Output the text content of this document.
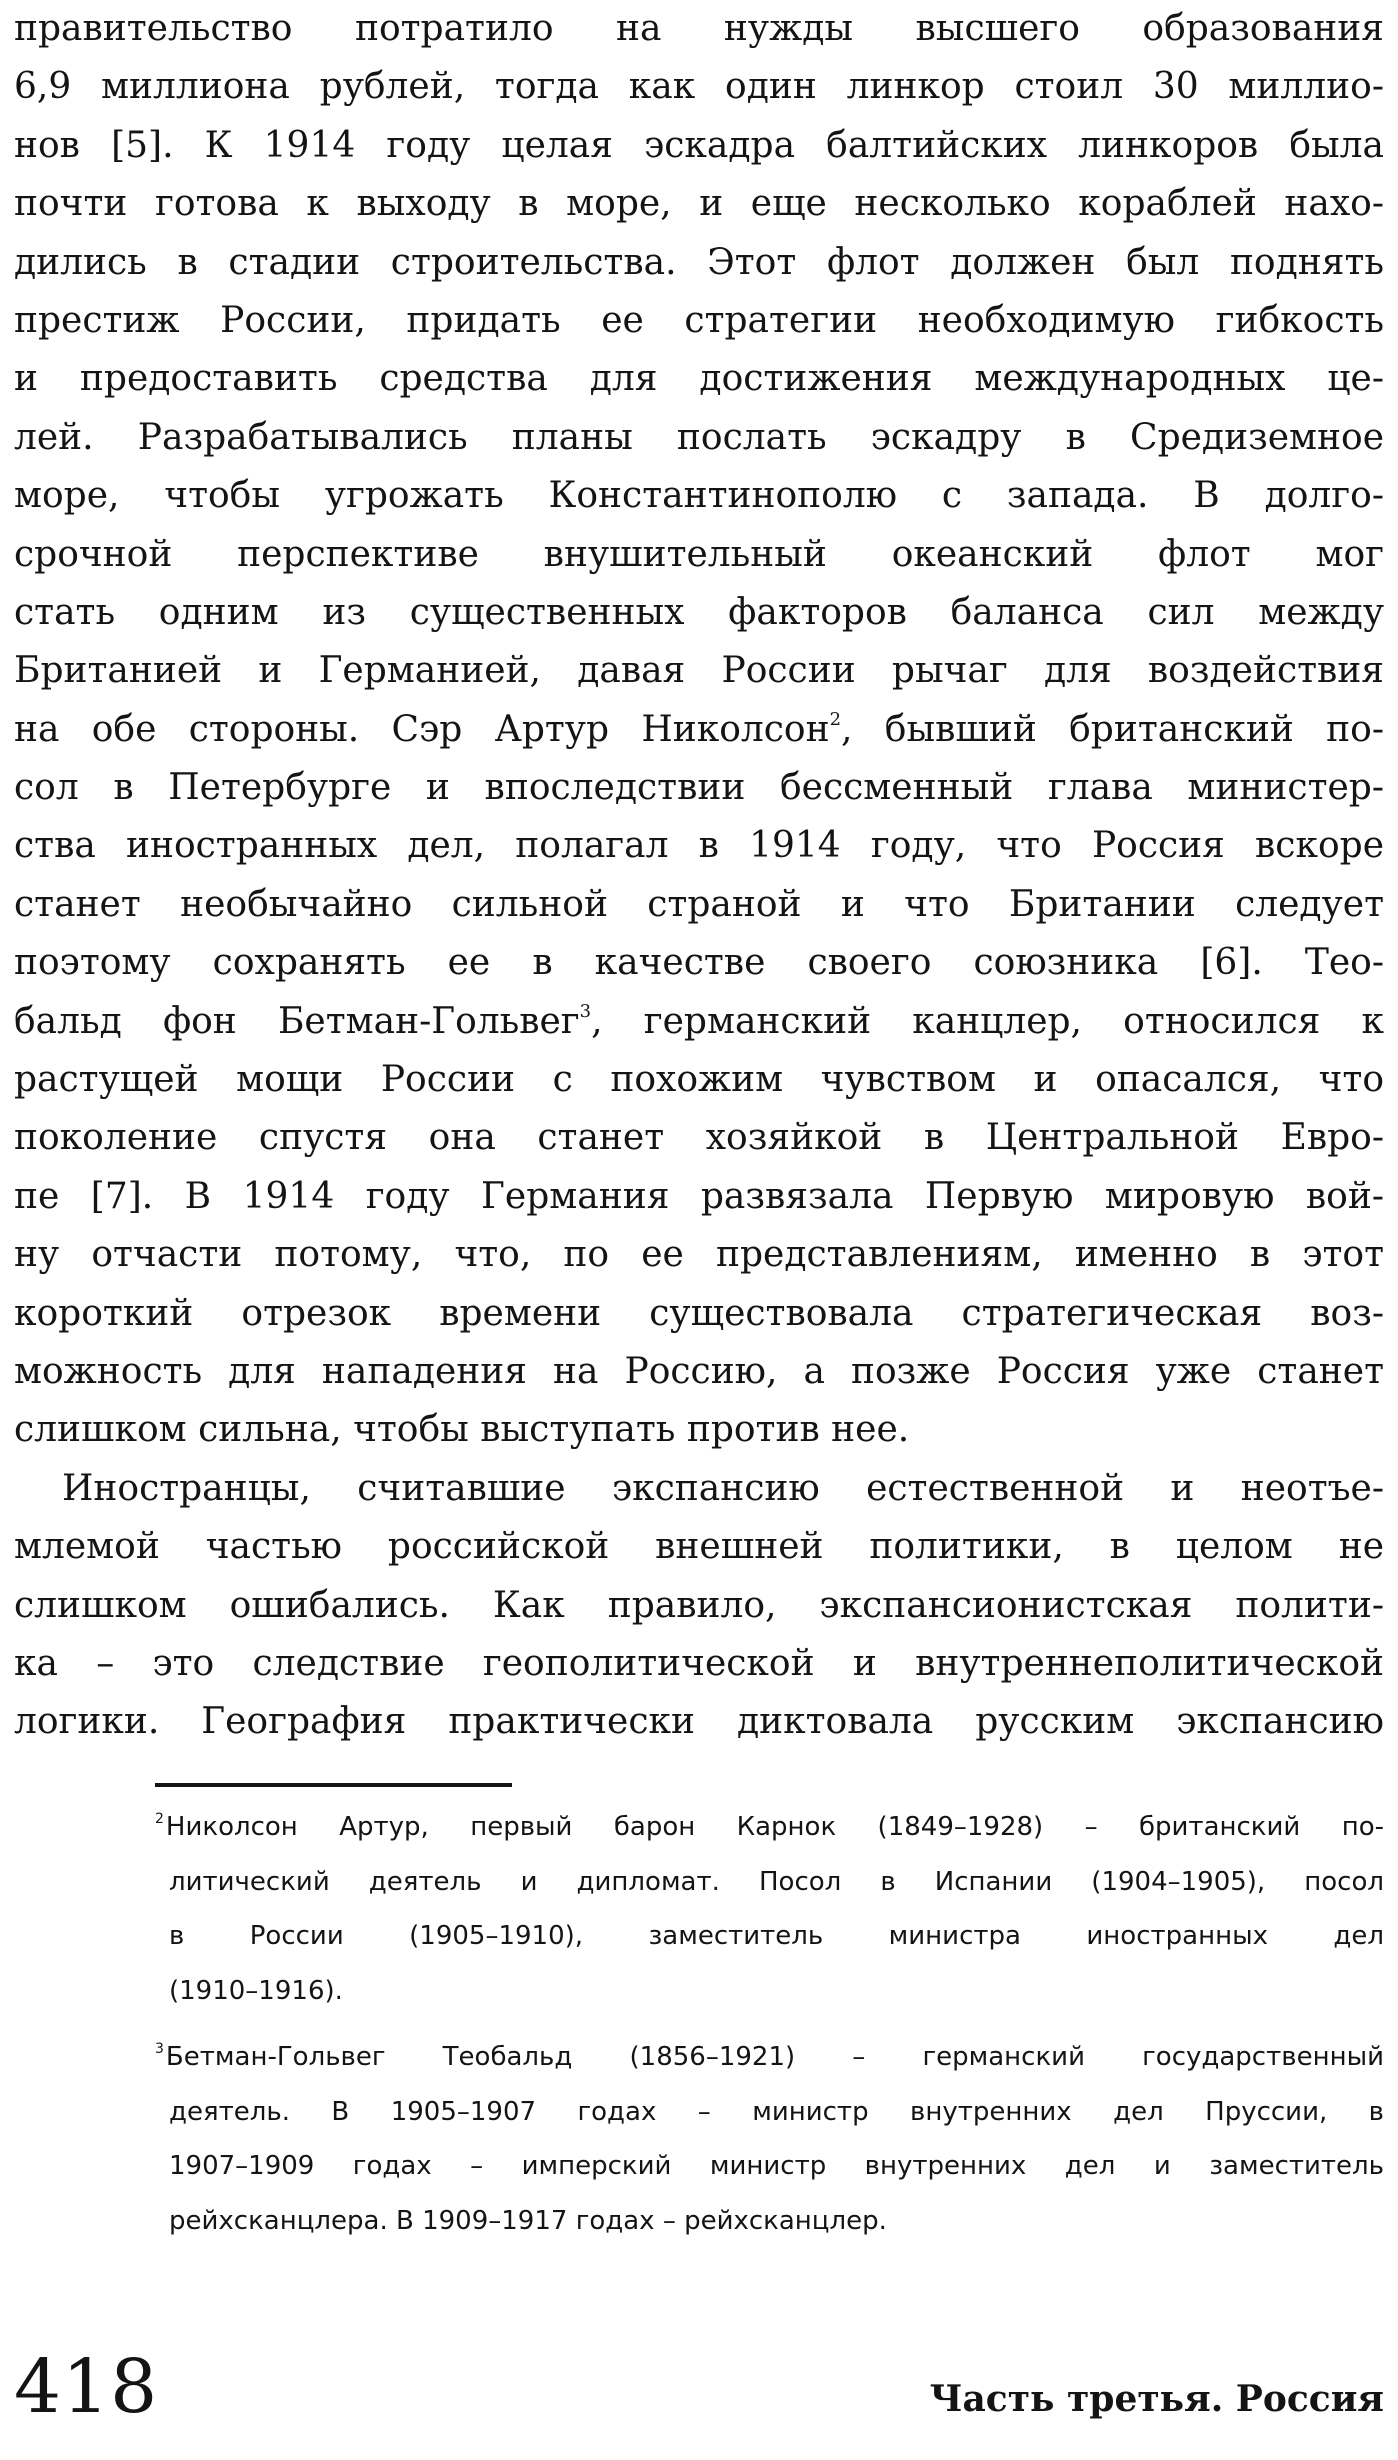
правительство потратило на нужды высшего образования
6,9 миллиона рублей, тогда как один линкор стоил 30 миллио-
нов [5]. К 1914 году целая эскадра балтийских линкоров была
почти готова к выходу в море, и еще несколько кораблей нахо-
дились в стадии строительства. Этот флот должен был поднять
престиж России, придать ее стратегии необходимую гибкость
и предоставить средства для достижения международных це-
лей. Разрабатывались планы послать эскадру в Средиземное
море, чтобы угрожать Константинополю с запада. В долго-
срочной перспективе внушительный океанский флот мог
стать одним из существенных факторов баланса сил между
Британией и Германией, давая России рычаг для воздействия
на обе стороны. Сэр Артур Николсон$^2$, бывший британский по-
сол в Петербурге и впоследствии бессменный глава министер-
ства иностранных дел, полагал в 1914 году, что Россия вскоре
станет необычайно сильной страной и что Британии следует
поэтому сохранять ее в качестве своего союзника [6]. Тео-
бальд фон Бетман-Гольвег$^3$, германский канцлер, относился к
растущей мощи России с похожим чувством и опасался, что
поколение спустя она станет хозяйкой в Центральной Евро-
пе [7]. В 1914 году Германия развязала Первую мировую вой-
ну отчасти потому, что, по ее представлениям, именно в этот
короткий отрезок времени существовала стратегическая воз-
можность для нападения на Россию, а позже Россия уже станет
слишком сильна, чтобы выступать против нее.
Иностранцы, считавшие экспансию естественной и неотъе-
млемой частью российской внешней политики, в целом не
слишком ошибались. Как правило, экспансионистская полити-
ка – это следствие геополитической и внутреннеполитической
логики. География практически диктовала русским экспансию
$^2$Николсон Артур, первый барон Карнок (1849–1928) – британский по-
литический деятель и дипломат. Посол в Испании (1904–1905), посол
в России (1905–1910), заместитель министра иностранных дел
(1910–1916).
$^3$Бетман-Гольвег Теобальд (1856–1921) – германский государственный
деятель. В 1905–1907 годах – министр внутренних дел Пруссии, в
1907–1909 годах – имперский министр внутренних дел и заместитель
рейхсканцлера. В 1909–1917 годах – рейхсканцлер.
418	Часть третья. Россия
